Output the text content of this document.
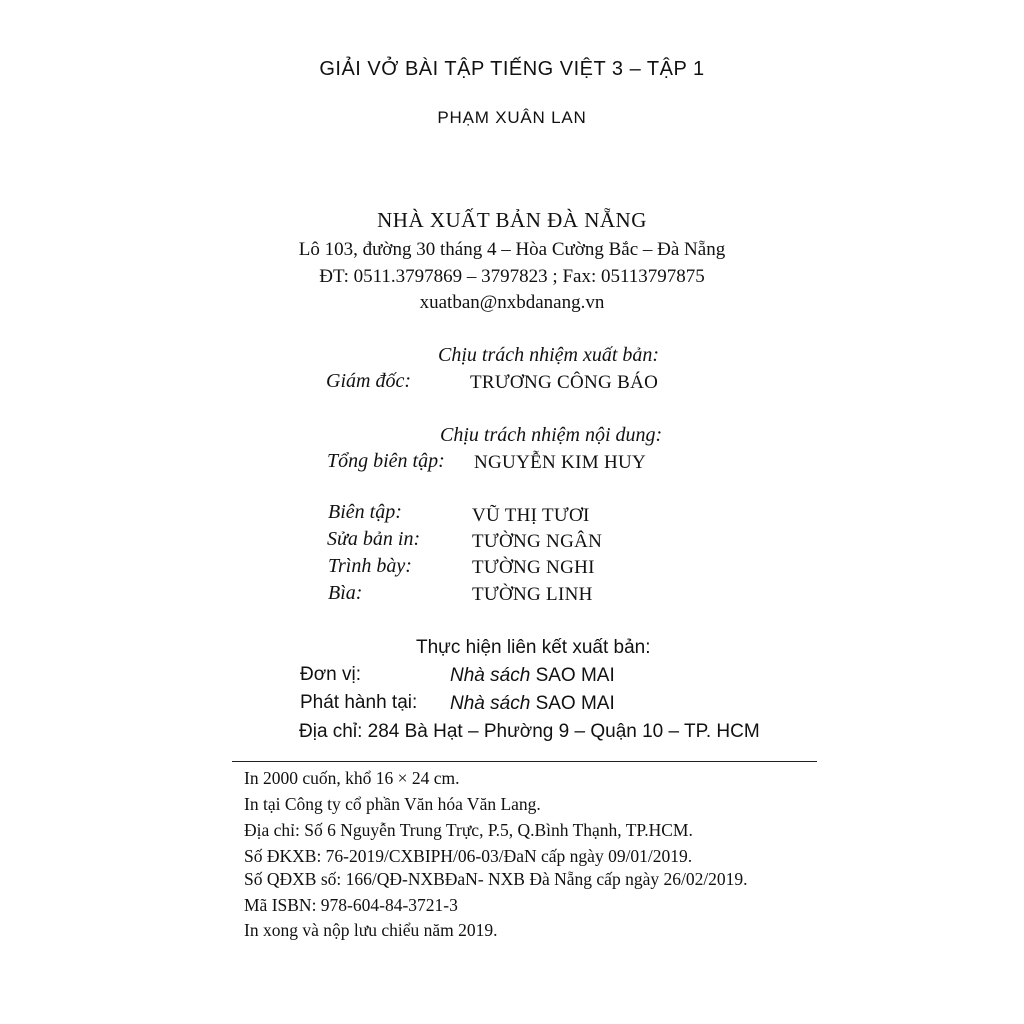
GIẢI VỞ BÀI TẬP TIẾNG VIỆT 3 – TẬP 1
PHẠM XUÂN LAN
NHÀ XUẤT BẢN ĐÀ NẴNG
Lô 103, đường 30 tháng 4 – Hòa Cường Bắc – Đà Nẵng
ĐT: 0511.3797869 – 3797823 ; Fax: 05113797875
xuatban@nxbdanang.vn
Chịu trách nhiệm xuất bản:
Giám đốc:	TRƯƠNG CÔNG BÁO
Chịu trách nhiệm nội dung:
Tổng biên tập: NGUYỄN KIM HUY
Biên tập:	VŨ THỊ TƯƠI
Sửa bản in:	TƯỜNG NGÂN
Trình bày:	TƯỜNG NGHI
Bìa:	TƯỜNG LINH
Thực hiện liên kết xuất bản:
Đơn vị:	Nhà sách SAO MAI
Phát hành tại: Nhà sách SAO MAI
Địa chỉ: 284 Bà Hạt – Phường 9 – Quận 10 – TP. HCM
In 2000 cuốn, khổ 16 × 24 cm.
In tại Công ty cổ phần Văn hóa Văn Lang.
Địa chỉ: Số 6 Nguyễn Trung Trực, P.5, Q.Bình Thạnh, TP.HCM.
Số ĐKXB: 76-2019/CXBIPH/06-03/ĐaN cấp ngày 09/01/2019.
Số QĐXB số: 166/QĐ-NXBĐaN- NXB Đà Nẵng cấp ngày 26/02/2019.
Mã ISBN: 978-604-84-3721-3
In xong và nộp lưu chiểu năm 2019.
